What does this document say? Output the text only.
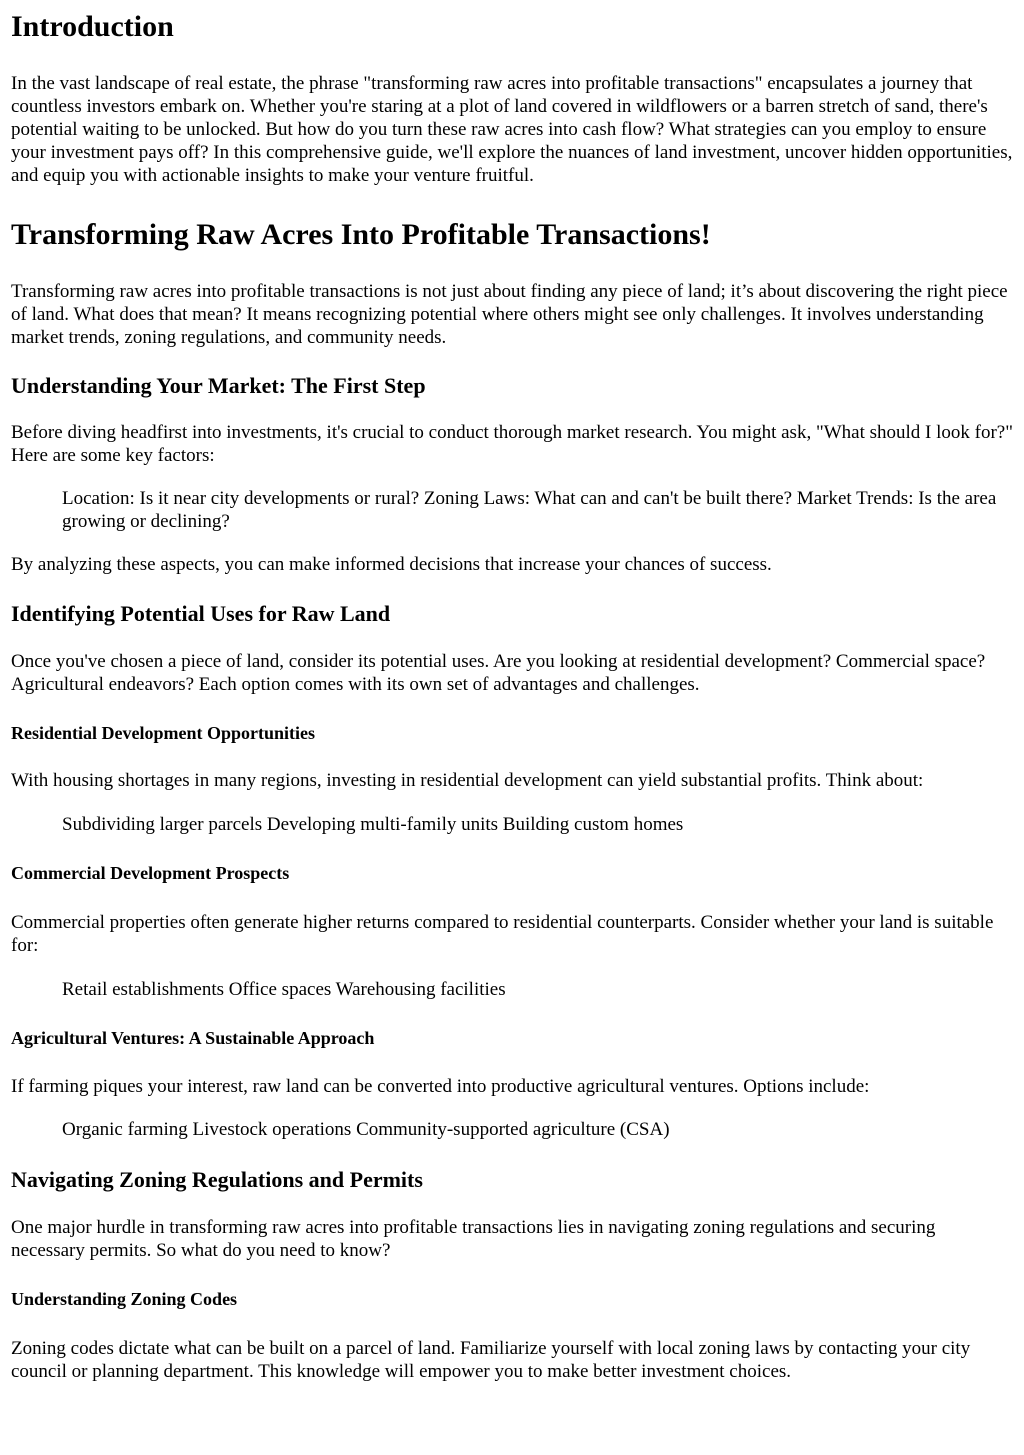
Introduction

In the vast landscape of real estate, the phrase "transforming raw acres into profitable transactions" encapsulates a journey that countless investors embark on. Whether you're staring at a plot of land covered in wildflowers or a barren stretch of sand, there's potential waiting to be unlocked. But how do you turn these raw acres into cash flow? What strategies can you employ to ensure your investment pays off? In this comprehensive guide, we'll explore the nuances of land investment, uncover hidden opportunities, and equip you with actionable insights to make your venture fruitful.

Transforming Raw Acres Into Profitable Transactions!

Transforming raw acres into profitable transactions is not just about finding any piece of land; it’s about discovering the right piece of land. What does that mean? It means recognizing potential where others might see only challenges. It involves understanding market trends, zoning regulations, and community needs.

Understanding Your Market: The First Step

Before diving headfirst into investments, it's crucial to conduct thorough market research. You might ask, "What should I look for?" Here are some key factors:

Location: Is it near city developments or rural? Zoning Laws: What can and can't be built there? Market Trends: Is the area growing or declining?

By analyzing these aspects, you can make informed decisions that increase your chances of success.

Identifying Potential Uses for Raw Land

Once you've chosen a piece of land, consider its potential uses. Are you looking at residential development? Commercial space? Agricultural endeavors? Each option comes with its own set of advantages and challenges.

Residential Development Opportunities

With housing shortages in many regions, investing in residential development can yield substantial profits. Think about:

Subdividing larger parcels Developing multi-family units Building custom homes
Commercial Development Prospects

Commercial properties often generate higher returns compared to residential counterparts. Consider whether your land is suitable for:

Retail establishments Office spaces Warehousing facilities
Agricultural Ventures: A Sustainable Approach

If farming piques your interest, raw land can be converted into productive agricultural ventures. Options include:

Organic farming Livestock operations Community-supported agriculture (CSA)
Navigating Zoning Regulations and Permits

One major hurdle in transforming raw acres into profitable transactions lies in navigating zoning regulations and securing necessary permits. So what do you need to know?

Understanding Zoning Codes

Zoning codes dictate what can be built on a parcel of land. Familiarize yourself with local zoning laws by contacting your city council or planning department. This knowledge will empower you to make better investment choices.
